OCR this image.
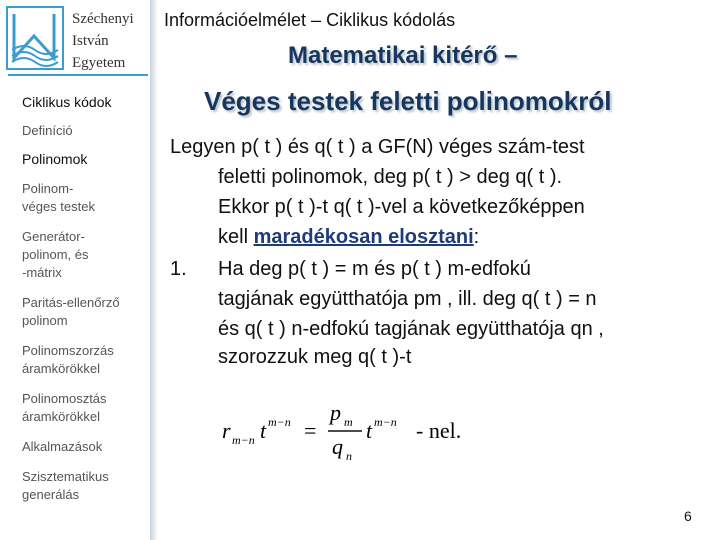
Széchenyi
István
Egyetem
Ciklikus kódok
Definíció
Polinomok
Polinom-
véges testek
Generátor-
polinom, és
-mátrix
Paritás-ellenőrző
polinom
Polinomszorzás
áramkörökkel
Polinomosztás
áramkörökkel
Alkalmazások
Szisztematikus
generálás
Információelmélet – Ciklikus kódolás
Matematikai kitérő –
Véges testek feletti polinomokról
Legyen p( t ) és q( t ) a GF(N) véges szám-test
feletti polinomok, deg p( t ) > deg q( t ).
Ekkor p( t )-t q( t )-vel a következőképpen
kell maradékosan elosztani:
1. Ha deg p( t ) = m és p( t ) m-edfokú
tagjának együtthatója pm , ill. deg q( t ) = n
és q( t ) n-edfokú tagjának együtthatója qn ,
szorozzuk meg q( t )-t
r m−n t m−n =
p m
q n
t m−n - nel.
6
